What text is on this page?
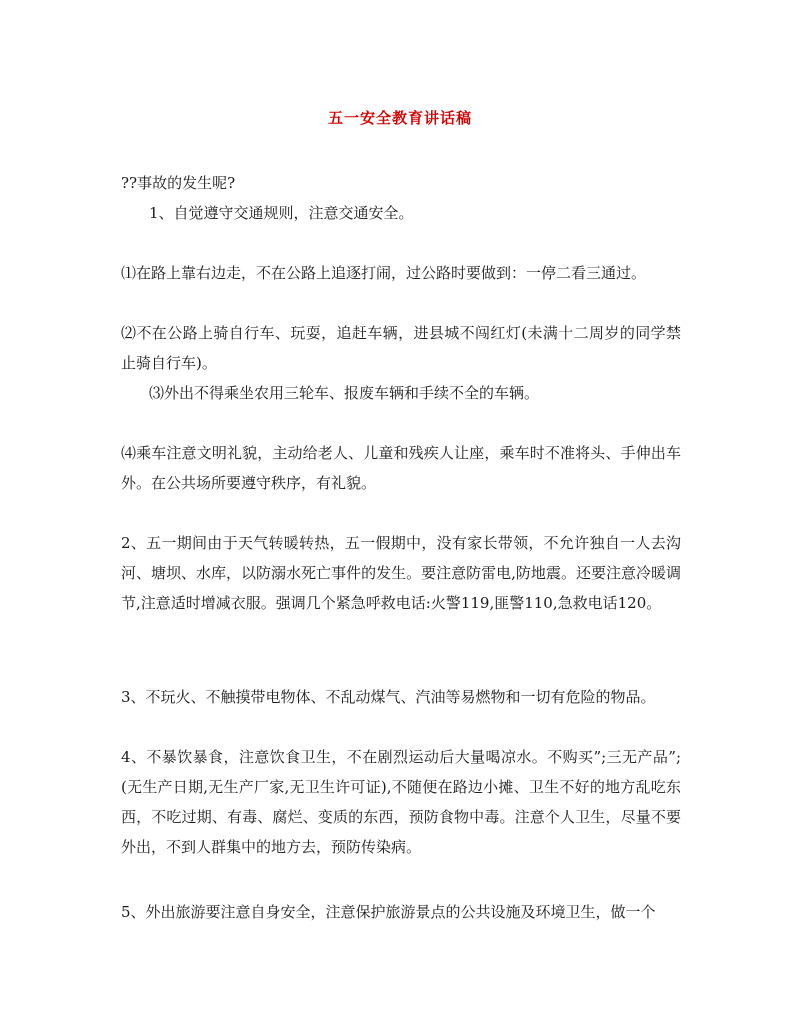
五一安全教育讲话稿
??事故的发生呢?
1、自觉遵守交通规则，注意交通安全。
⑴在路上靠右边走，不在公路上追逐打闹，过公路时要做到：一停二看三通过。
⑵不在公路上骑自行车、玩耍，追赶车辆，进县城不闯红灯(未满十二周岁的同学禁止骑自行车)。
⑶外出不得乘坐农用三轮车、报废车辆和手续不全的车辆。
⑷乘车注意文明礼貌，主动给老人、儿童和残疾人让座，乘车时不准将头、手伸出车外。在公共场所要遵守秩序，有礼貌。
2、五一期间由于天气转暖转热，五一假期中，没有家长带领，不允许独自一人去沟河、塘坝、水库，以防溺水死亡事件的发生。要注意防雷电,防地震。还要注意冷暖调节,注意适时增减衣服。强调几个紧急呼救电话:火警119,匪警110,急救电话120。
3、不玩火、不触摸带电物体、不乱动煤气、汽油等易燃物和一切有危险的物品。
4、不暴饮暴食，注意饮食卫生，不在剧烈运动后大量喝凉水。不购买”;三无产品”;(无生产日期,无生产厂家,无卫生许可证),不随便在路边小摊、卫生不好的地方乱吃东西，不吃过期、有毒、腐烂、变质的东西，预防食物中毒。注意个人卫生，尽量不要外出，不到人群集中的地方去，预防传染病。
5、外出旅游要注意自身安全，注意保护旅游景点的公共设施及环境卫生，做一个
